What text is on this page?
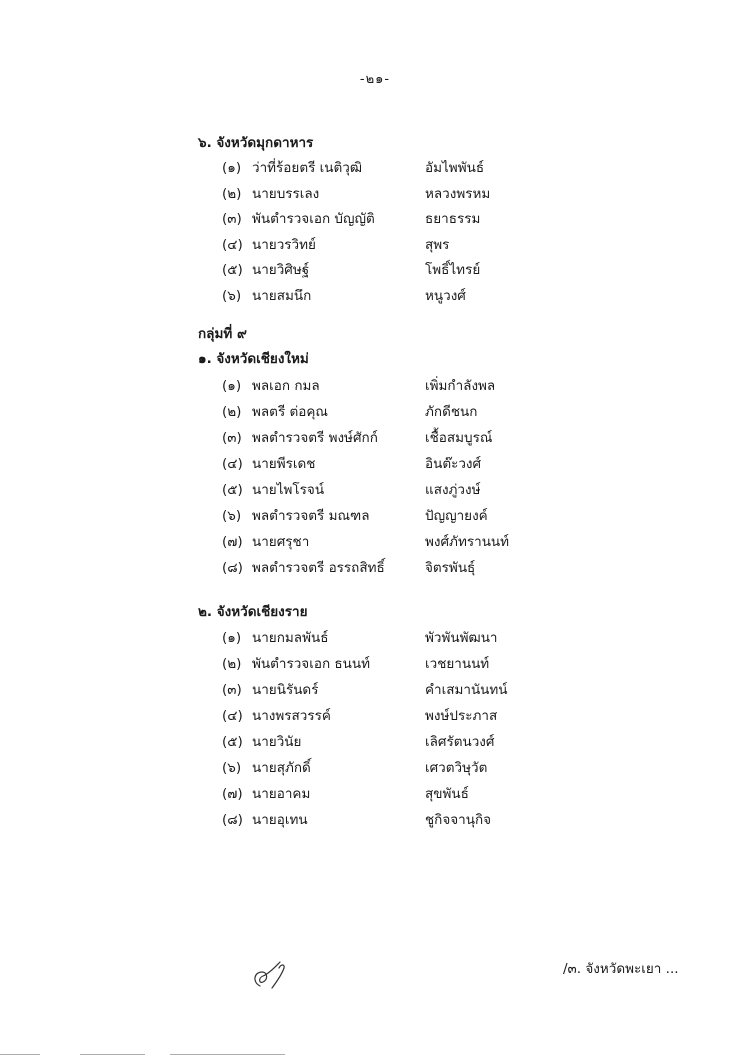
-๒๑-
๖. จังหวัดมุกดาหาร
(๑) ว่าที่ร้อยตรี เนติวุฒิ	อัมไพพันธ์
(๒) นายบรรเลง	หลวงพรหม
(๓) พันตำรวจเอก บัญญัติ	ธยาธรรม
(๔) นายวรวิทย์	สุพร
(๕) นายวิศิษฐ์	โพธิ์ไทรย์
(๖) นายสมนึก	หนูวงศ์
กลุ่มที่ ๙
๑. จังหวัดเชียงใหม่
(๑) พลเอก กมล	เพิ่มกำลังพล
(๒) พลตรี ต่อคุณ	ภักดีชนก
(๓) พลตำรวจตรี พงษ์ศักก์	เชื้อสมบูรณ์
(๔) นายพีรเดช	อินต๊ะวงศ์
(๕) นายไพโรจน์	แสงภู่วงษ์
(๖) พลตำรวจตรี มณฑล	ปัญญายงค์
(๗) นายศรุชา	พงศ์ภัทรานนท์
(๘) พลตำรวจตรี อรรถสิทธิ์	จิตรพันธุ์
๒. จังหวัดเชียงราย
(๑) นายกมลพันธ์	พัวพันพัฒนา
(๒) พันตำรวจเอก ธนนท์	เวชยานนท์
(๓) นายนิรันดร์	คำเสมานันทน์
(๔) นางพรสวรรค์	พงษ์ประภาส
(๕) นายวินัย	เลิศรัตนวงศ์
(๖) นายสุภักดิ์	เศวตวิษุวัต
(๗) นายอาคม	สุขพันธ์
(๘) นายอุเทน	ชูกิจจานุกิจ
/๓. จังหวัดพะเยา ...
